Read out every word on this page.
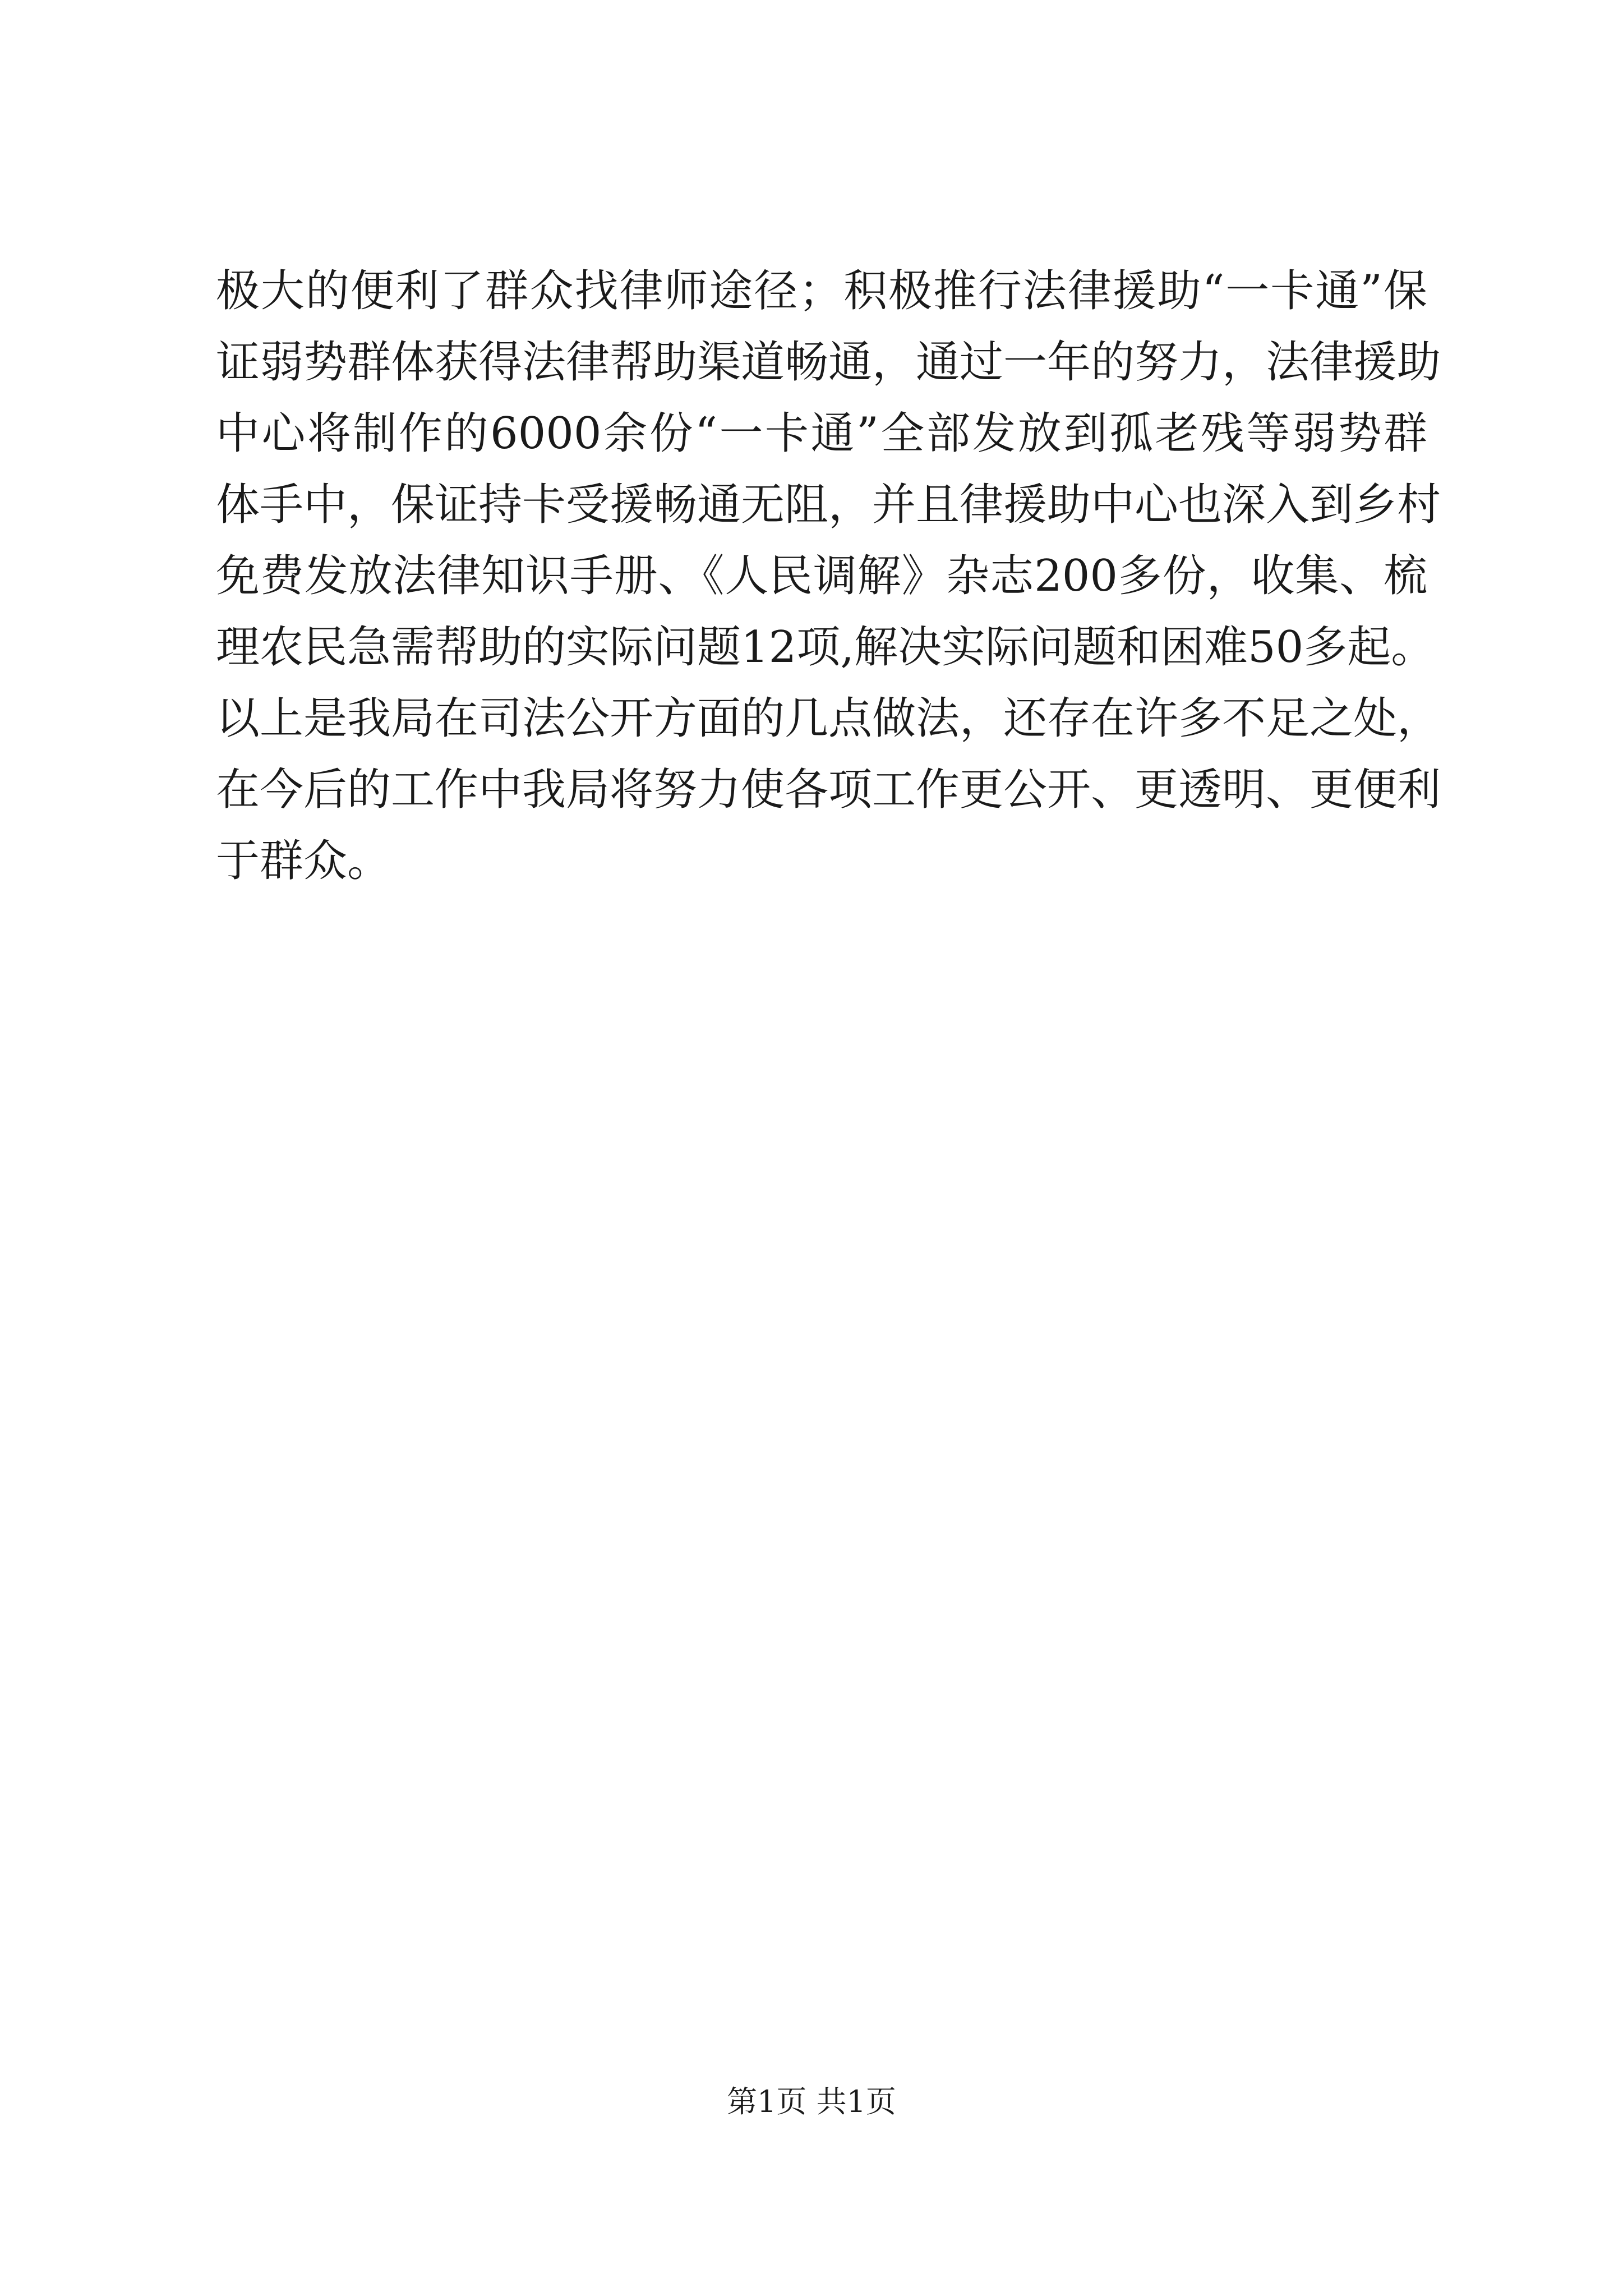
极大的便利了群众找律师途径；积极推行法律援助“一卡通”保
证弱势群体获得法律帮助渠道畅通，通过一年的努力，法律援助
中心将制作的6000余份“一卡通”全部发放到孤老残等弱势群
体手中，保证持卡受援畅通无阻，并且律援助中心也深入到乡村
免费发放法律知识手册、《人民调解》杂志200多份，收集、梳
理农民急需帮助的实际问题12项,解决实际问题和困难50多起。
以上是我局在司法公开方面的几点做法，还存在许多不足之处，
在今后的工作中我局将努力使各项工作更公开、更透明、更便利
于群众。
第1页 共1页
